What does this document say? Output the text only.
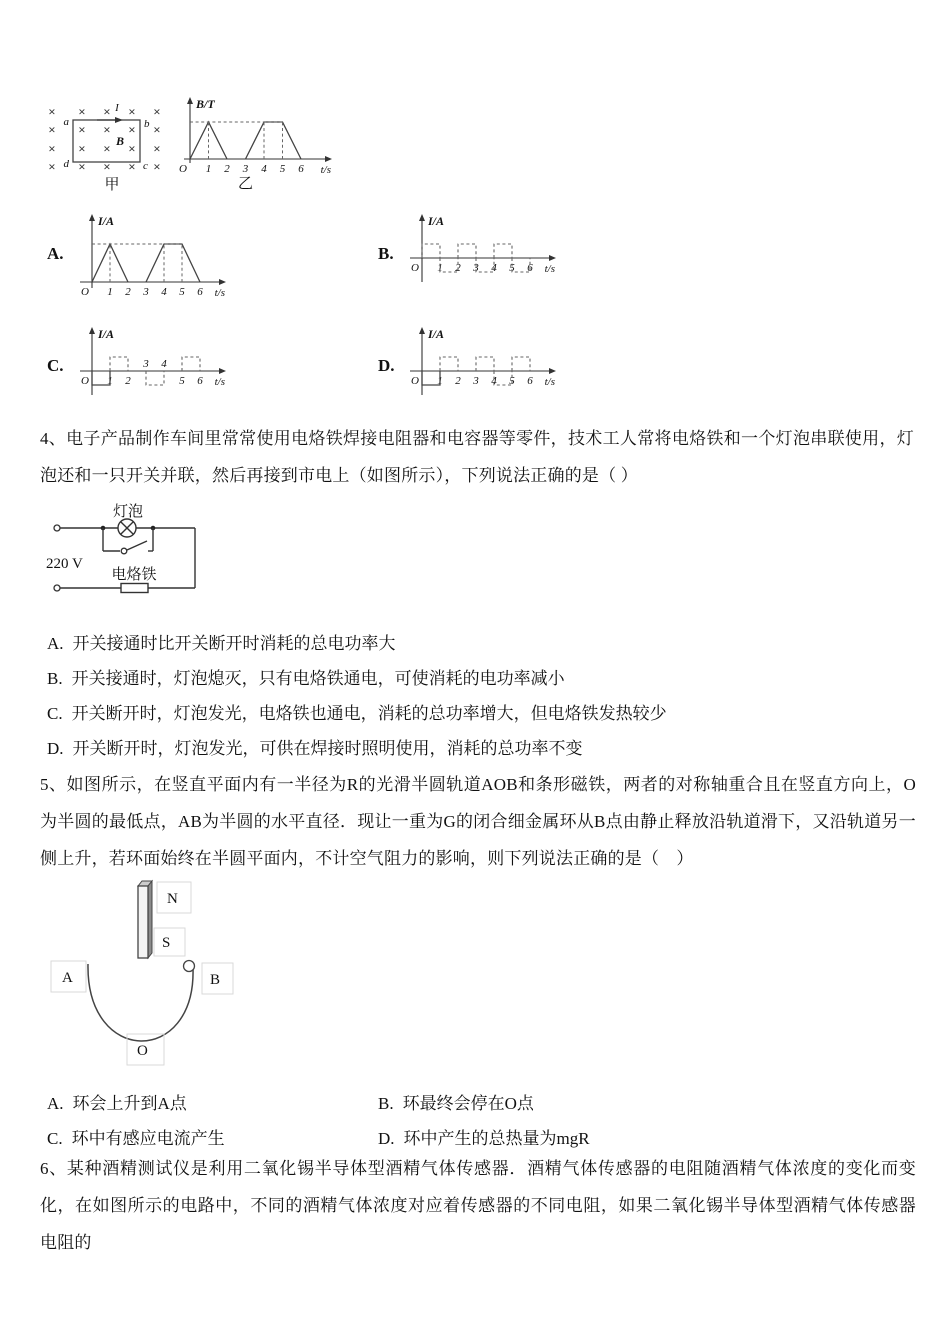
× × × × ×
× × × × ×
× × × × ×
× × × × ×
I
a	b
d	c
B
甲
O	t/s
B/T
1 2 3 4 5 6
乙
A.
O	t/s
I/A
1 2 3 4 5 6
B.
O	t/s
I/A
1 2 3 4 5 6
C.
O	t/s
I/A
1 2
3 4
5 6
D.
O	t/s
I/A
1 2 3 4 5 6
4、电子产品制作车间里常常使用电烙铁焊接电阻器和电容器等零件，技术工人常将电烙铁和一个灯泡串联使用，灯泡还和一只开关并联，然后再接到市电上（如图所示），下列说法正确的是（ ）
灯泡
220 V
电烙铁
A. 开关接通时比开关断开时消耗的总电功率大
B. 开关接通时，灯泡熄灭，只有电烙铁通电，可使消耗的电功率减小
C. 开关断开时，灯泡发光，电烙铁也通电，消耗的总功率增大，但电烙铁发热较少
D. 开关断开时，灯泡发光，可供在焊接时照明使用，消耗的总功率不变
5、如图所示，在竖直平面内有一半径为R的光滑半圆轨道AOB和条形磁铁，两者的对称轴重合且在竖直方向上，O为半圆的最低点，AB为半圆的水平直径．现让一重为G的闭合细金属环从B点由静止释放沿轨道滑下，又沿轨道另一侧上升，若环面始终在半圆平面内，不计空气阻力的影响，则下列说法正确的是（　）
N
S
A	B
O
A. 环会上升到A点	B. 环最终会停在O点
C. 环中有感应电流产生	D. 环中产生的总热量为mgR
6、某种酒精测试仪是利用二氧化锡半导体型酒精气体传感器．酒精气体传感器的电阻随酒精气体浓度的变化而变化，在如图所示的电路中，不同的酒精气体浓度对应着传感器的不同电阻，如果二氧化锡半导体型酒精气体传感器电阻的
